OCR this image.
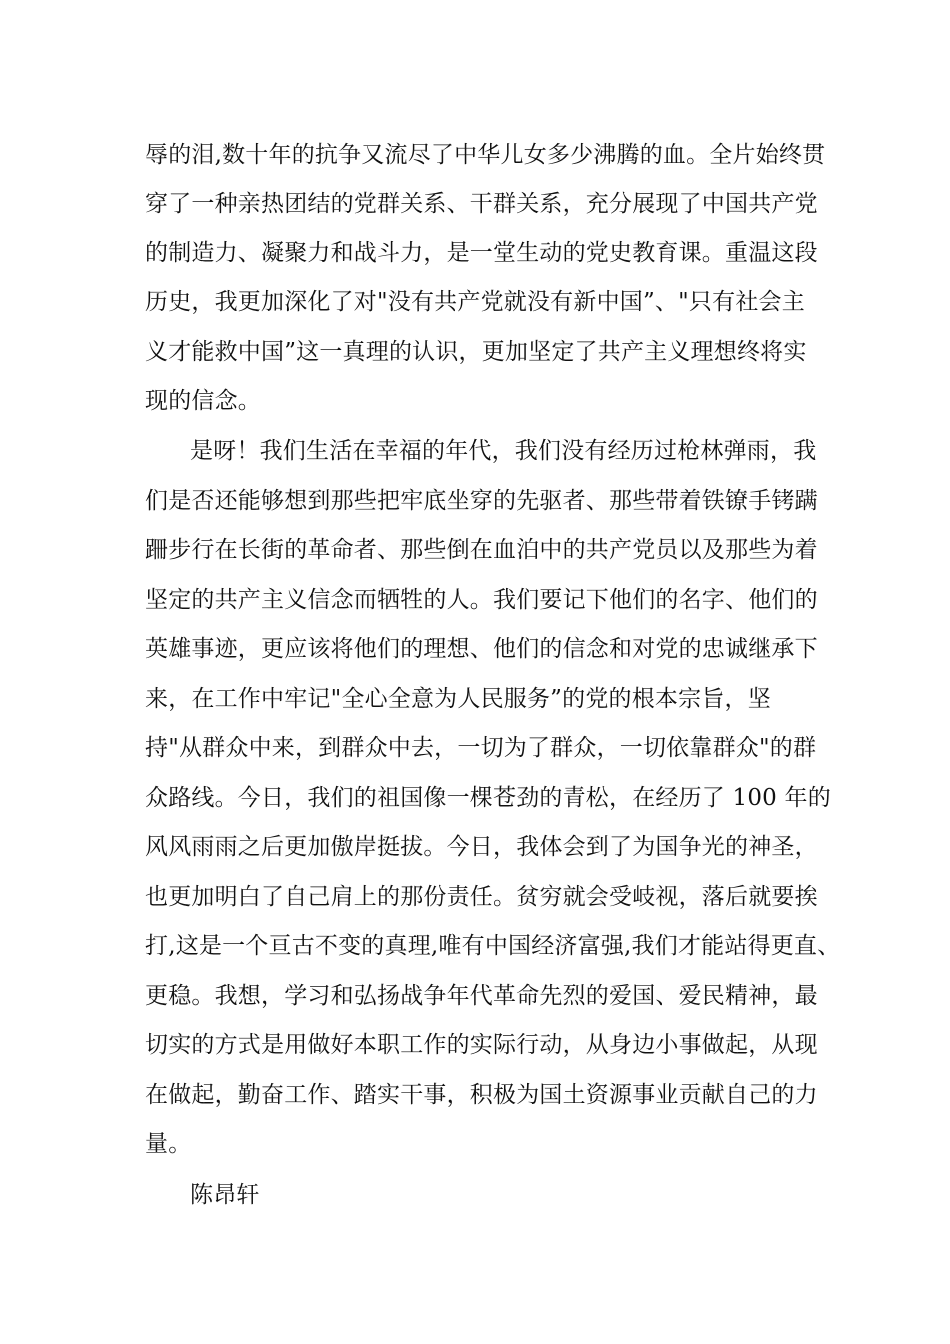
辱的泪,数十年的抗争又流尽了中华儿女多少沸腾的血。全片始终贯
穿了一种亲热团结的党群关系、干群关系，充分展现了中国共产党
的制造力、凝聚力和战斗力，是一堂生动的党史教育课。重温这段
历史，我更加深化了对"没有共产党就没有新中国”、"只有社会主
义才能救中国”这一真理的认识，更加坚定了共产主义理想终将实
现的信念。
是呀！我们生活在幸福的年代，我们没有经历过枪林弹雨，我
们是否还能够想到那些把牢底坐穿的先驱者、那些带着铁镣手铐蹒
跚步行在长街的革命者、那些倒在血泊中的共产党员以及那些为着
坚定的共产主义信念而牺牲的人。我们要记下他们的名字、他们的
英雄事迹，更应该将他们的理想、他们的信念和对党的忠诚继承下
来，在工作中牢记"全心全意为人民服务”的党的根本宗旨，坚
持"从群众中来，到群众中去，一切为了群众，一切依靠群众"的群
众路线。今日，我们的祖国像一棵苍劲的青松，在经历了 100 年的
风风雨雨之后更加傲岸挺拔。今日，我体会到了为国争光的神圣，
也更加明白了自己肩上的那份责任。贫穷就会受岐视，落后就要挨
打,这是一个亘古不变的真理,唯有中国经济富强,我们才能站得更直、
更稳。我想，学习和弘扬战争年代革命先烈的爱国、爱民精神，最
切实的方式是用做好本职工作的实际行动，从身边小事做起，从现
在做起，勤奋工作、踏实干事，积极为国土资源事业贡献自己的力
量。
陈昂轩
